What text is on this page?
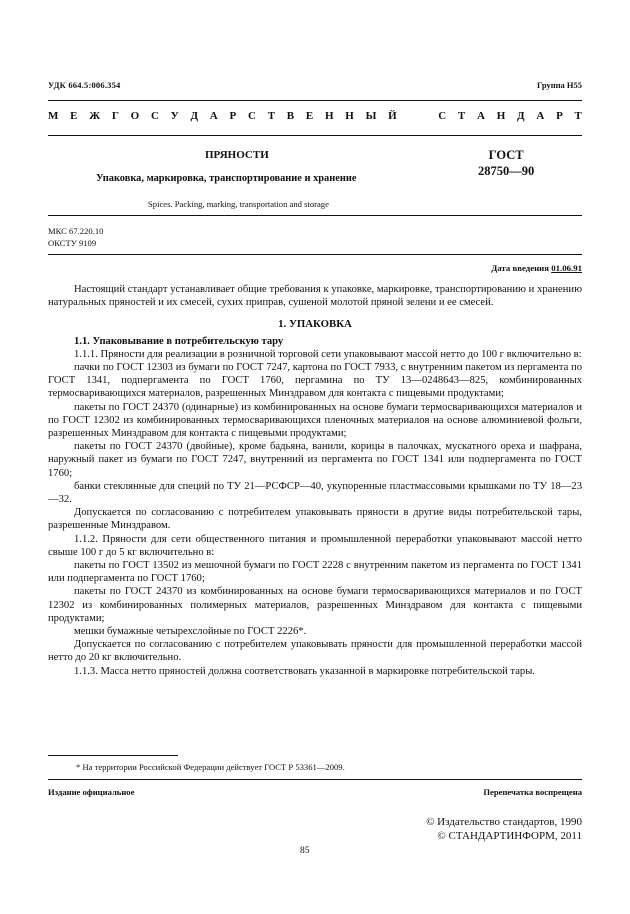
УДК 664.5:006.354	Группа Н55
М Е Ж Г О С У Д А Р С Т В Е Н Н Ы Й	С Т А Н Д А Р Т
ПРЯНОСТИ	ГОСТ
28750—90
Упаковка, маркировка, транспортирование и хранение
Spices. Packing, marking, transportation and storage
МКС 67.220.10
ОКСТУ 9109
Дата введения 01.06.91

Настоящий стандарт устанавливает общие требования к упаковке, маркировке, транспортированию и хранению натуральных пряностей и их смесей, сухих приправ, сушеной молотой пряной зелени и ее смесей.

1. УПАКОВКА

1.1. Упаковывание в потребительскую тару

1.1.1. Пряности для реализации в розничной торговой сети упаковывают массой нетто до 100 г включительно в:

пачки по ГОСТ 12303 из бумаги по ГОСТ 7247, картона по ГОСТ 7933, с внутренним пакетом из пергамента по ГОСТ 1341, подпергамента по ГОСТ 1760, пергамина по ТУ 13—0248643—825, комбинированных термосваривающихся материалов, разрешенных Минздравом для контакта с пищевыми продуктами;

пакеты по ГОСТ 24370 (одинарные) из комбинированных на основе бумаги термосваривающихся материалов и по ГОСТ 12302 из комбинированных термосваривающихся пленочных материалов на основе алюминиевой фольги, разрешенных Минздравом для контакта с пищевыми продуктами;

пакеты по ГОСТ 24370 (двойные), кроме бадьяна, ванили, корицы в палочках, мускатного ореха и шафрана, наружный пакет из бумаги по ГОСТ 7247, внутренний из пергамента по ГОСТ 1341 или подпергамента по ГОСТ 1760;

банки стеклянные для специй по ТУ 21—РСФСР—40, укупоренные пластмассовыми крышками по ТУ 18—23—32.

Допускается по согласованию с потребителем упаковывать пряности в другие виды потребительской тары, разрешенные Минздравом.

1.1.2. Пряности для сети общественного питания и промышленной переработки упаковывают массой нетто свыше 100 г до 5 кг включительно в:

пакеты по ГОСТ 13502 из мешочной бумаги по ГОСТ 2228 с внутренним пакетом из пергамента по ГОСТ 1341 или подпергамента по ГОСТ 1760;

пакеты по ГОСТ 24370 из комбинированных на основе бумаги термосваривающихся материалов и по ГОСТ 12302 из комбинированных полимерных материалов, разрешенных Минздравом для контакта с пищевыми продуктами;

мешки бумажные четырехслойные по ГОСТ 2226*.

Допускается по согласованию с потребителем упаковывать пряности для промышленной переработки массой нетто до 20 кг включительно.

1.1.3. Масса нетто пряностей должна соответствовать указанной в маркировке потребительской тары.

* На территории Российской Федерации действует ГОСТ Р 53361—2009.
Издание официальное	Перепечатка воспрещена
© Издательство стандартов, 1990
© СТАНДАРТИНФОРМ, 2011
85
